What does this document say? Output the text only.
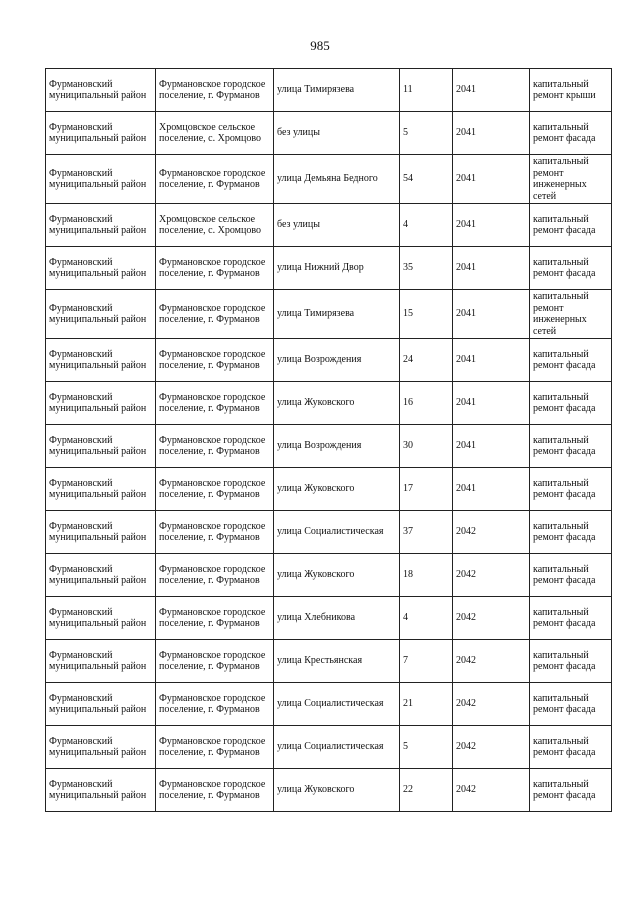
985
Фурмановский муниципальный район	Фурмановское городское поселение, г. Фурманов	улица Тимирязева	11	2041	капитальный ремонт крыши
Фурмановский муниципальный район	Хромцовское сельское поселение, с. Хромцово	без улицы	5	2041	капитальный ремонт фасада
Фурмановский муниципальный район	Фурмановское городское поселение, г. Фурманов	улица Демьяна Бедного	54	2041	капитальный ремонт инженерных сетей
Фурмановский муниципальный район	Хромцовское сельское поселение, с. Хромцово	без улицы	4	2041	капитальный ремонт фасада
Фурмановский муниципальный район	Фурмановское городское поселение, г. Фурманов	улица Нижний Двор	35	2041	капитальный ремонт фасада
Фурмановский муниципальный район	Фурмановское городское поселение, г. Фурманов	улица Тимирязева	15	2041	капитальный ремонт инженерных сетей
Фурмановский муниципальный район	Фурмановское городское поселение, г. Фурманов	улица Возрождения	24	2041	капитальный ремонт фасада
Фурмановский муниципальный район	Фурмановское городское поселение, г. Фурманов	улица Жуковского	16	2041	капитальный ремонт фасада
Фурмановский муниципальный район	Фурмановское городское поселение, г. Фурманов	улица Возрождения	30	2041	капитальный ремонт фасада
Фурмановский муниципальный район	Фурмановское городское поселение, г. Фурманов	улица Жуковского	17	2041	капитальный ремонт фасада
Фурмановский муниципальный район	Фурмановское городское поселение, г. Фурманов	улица Социалистическая	37	2042	капитальный ремонт фасада
Фурмановский муниципальный район	Фурмановское городское поселение, г. Фурманов	улица Жуковского	18	2042	капитальный ремонт фасада
Фурмановский муниципальный район	Фурмановское городское поселение, г. Фурманов	улица Хлебникова	4	2042	капитальный ремонт фасада
Фурмановский муниципальный район	Фурмановское городское поселение, г. Фурманов	улица Крестьянская	7	2042	капитальный ремонт фасада
Фурмановский муниципальный район	Фурмановское городское поселение, г. Фурманов	улица Социалистическая	21	2042	капитальный ремонт фасада
Фурмановский муниципальный район	Фурмановское городское поселение, г. Фурманов	улица Социалистическая	5	2042	капитальный ремонт фасада
Фурмановский муниципальный район	Фурмановское городское поселение, г. Фурманов	улица Жуковского	22	2042	капитальный ремонт фасада
